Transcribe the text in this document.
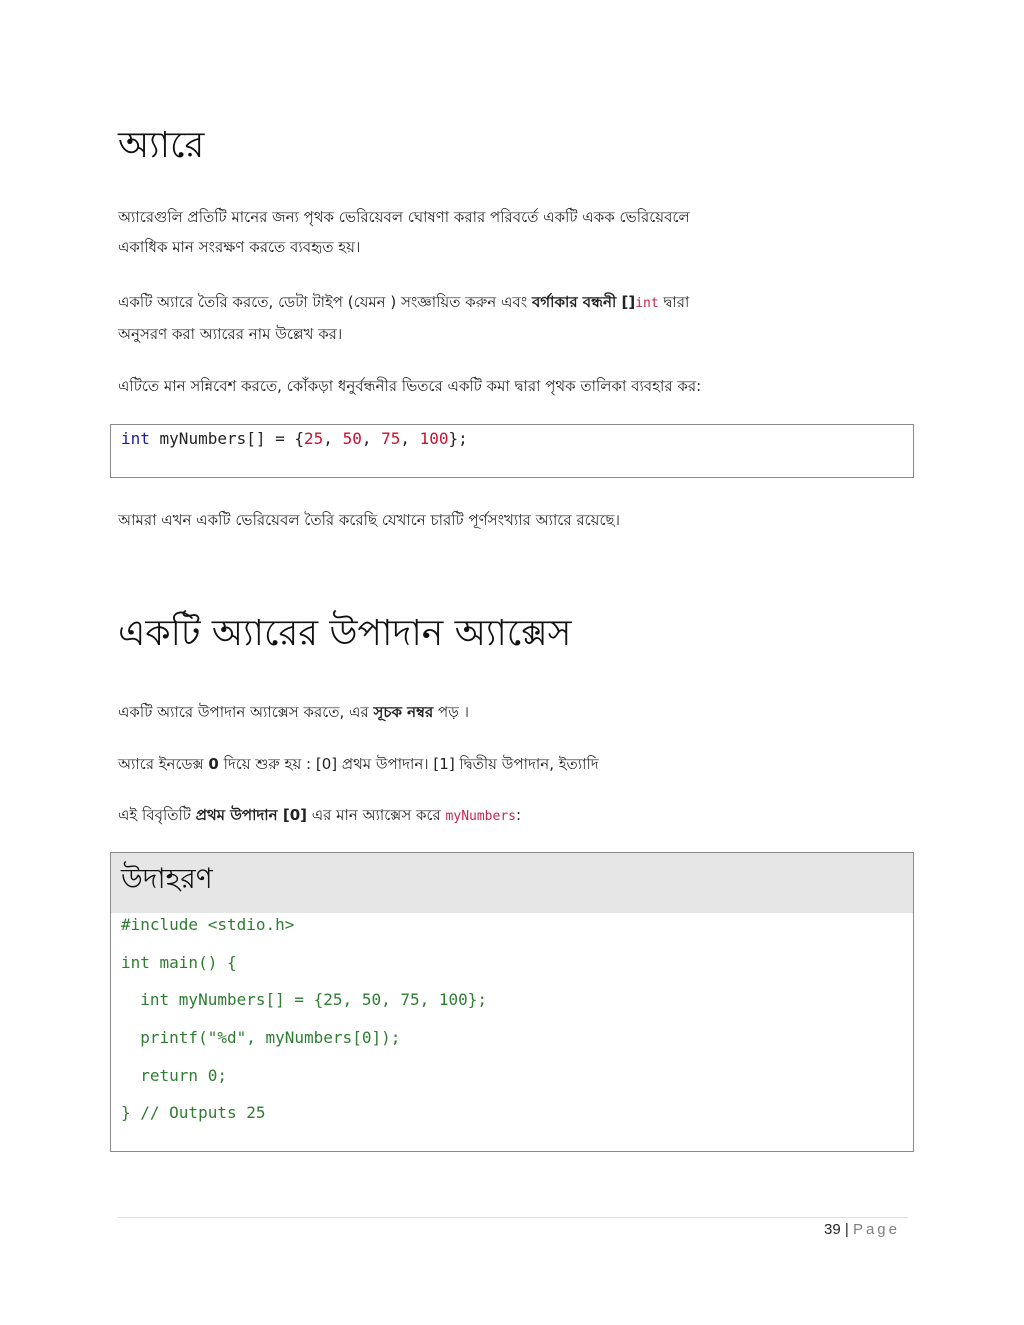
অ্যারে

অ্যারেগুলি প্রতিটি মানের জন্য পৃথক ভেরিয়েবল ঘোষণা করার পরিবর্তে একটি একক ভেরিয়েবলে
একাধিক মান সংরক্ষণ করতে ব্যবহৃত হয়।

একটি অ্যারে তৈরি করতে, ডেটা টাইপ (যেমন ) সংজ্ঞায়িত করুন এবং বর্গাকার বন্ধনী []int দ্বারা
অনুসরণ করা অ্যারের নাম উল্লেখ কর।

এটিতে মান সন্নিবেশ করতে, কোঁকড়া ধনুর্বন্ধনীর ভিতরে একটি কমা দ্বারা পৃথক তালিকা ব্যবহার কর:

int myNumbers[] = {25, 50, 75, 100};

আমরা এখন একটি ভেরিয়েবল তৈরি করেছি যেখানে চারটি পূর্ণসংখ্যার অ্যারে রয়েছে।

একটি অ্যারের উপাদান অ্যাক্সেস

একটি অ্যারে উপাদান অ্যাক্সেস করতে, এর সূচক নম্বর পড় ।

অ্যারে ইনডেক্স 0 দিয়ে শুরু হয় : [0] প্রথম উপাদান। [1] দ্বিতীয় উপাদান, ইত্যাদি

এই বিবৃতিটি প্রথম উপাদান [0] এর মান অ্যাক্সেস করে myNumbers:

উদাহরণ
#include <stdio.h>
int main() {
int myNumbers[] = {25, 50, 75, 100};
printf("%d", myNumbers[0]);
return 0;
} // Outputs 25
39 | Page
